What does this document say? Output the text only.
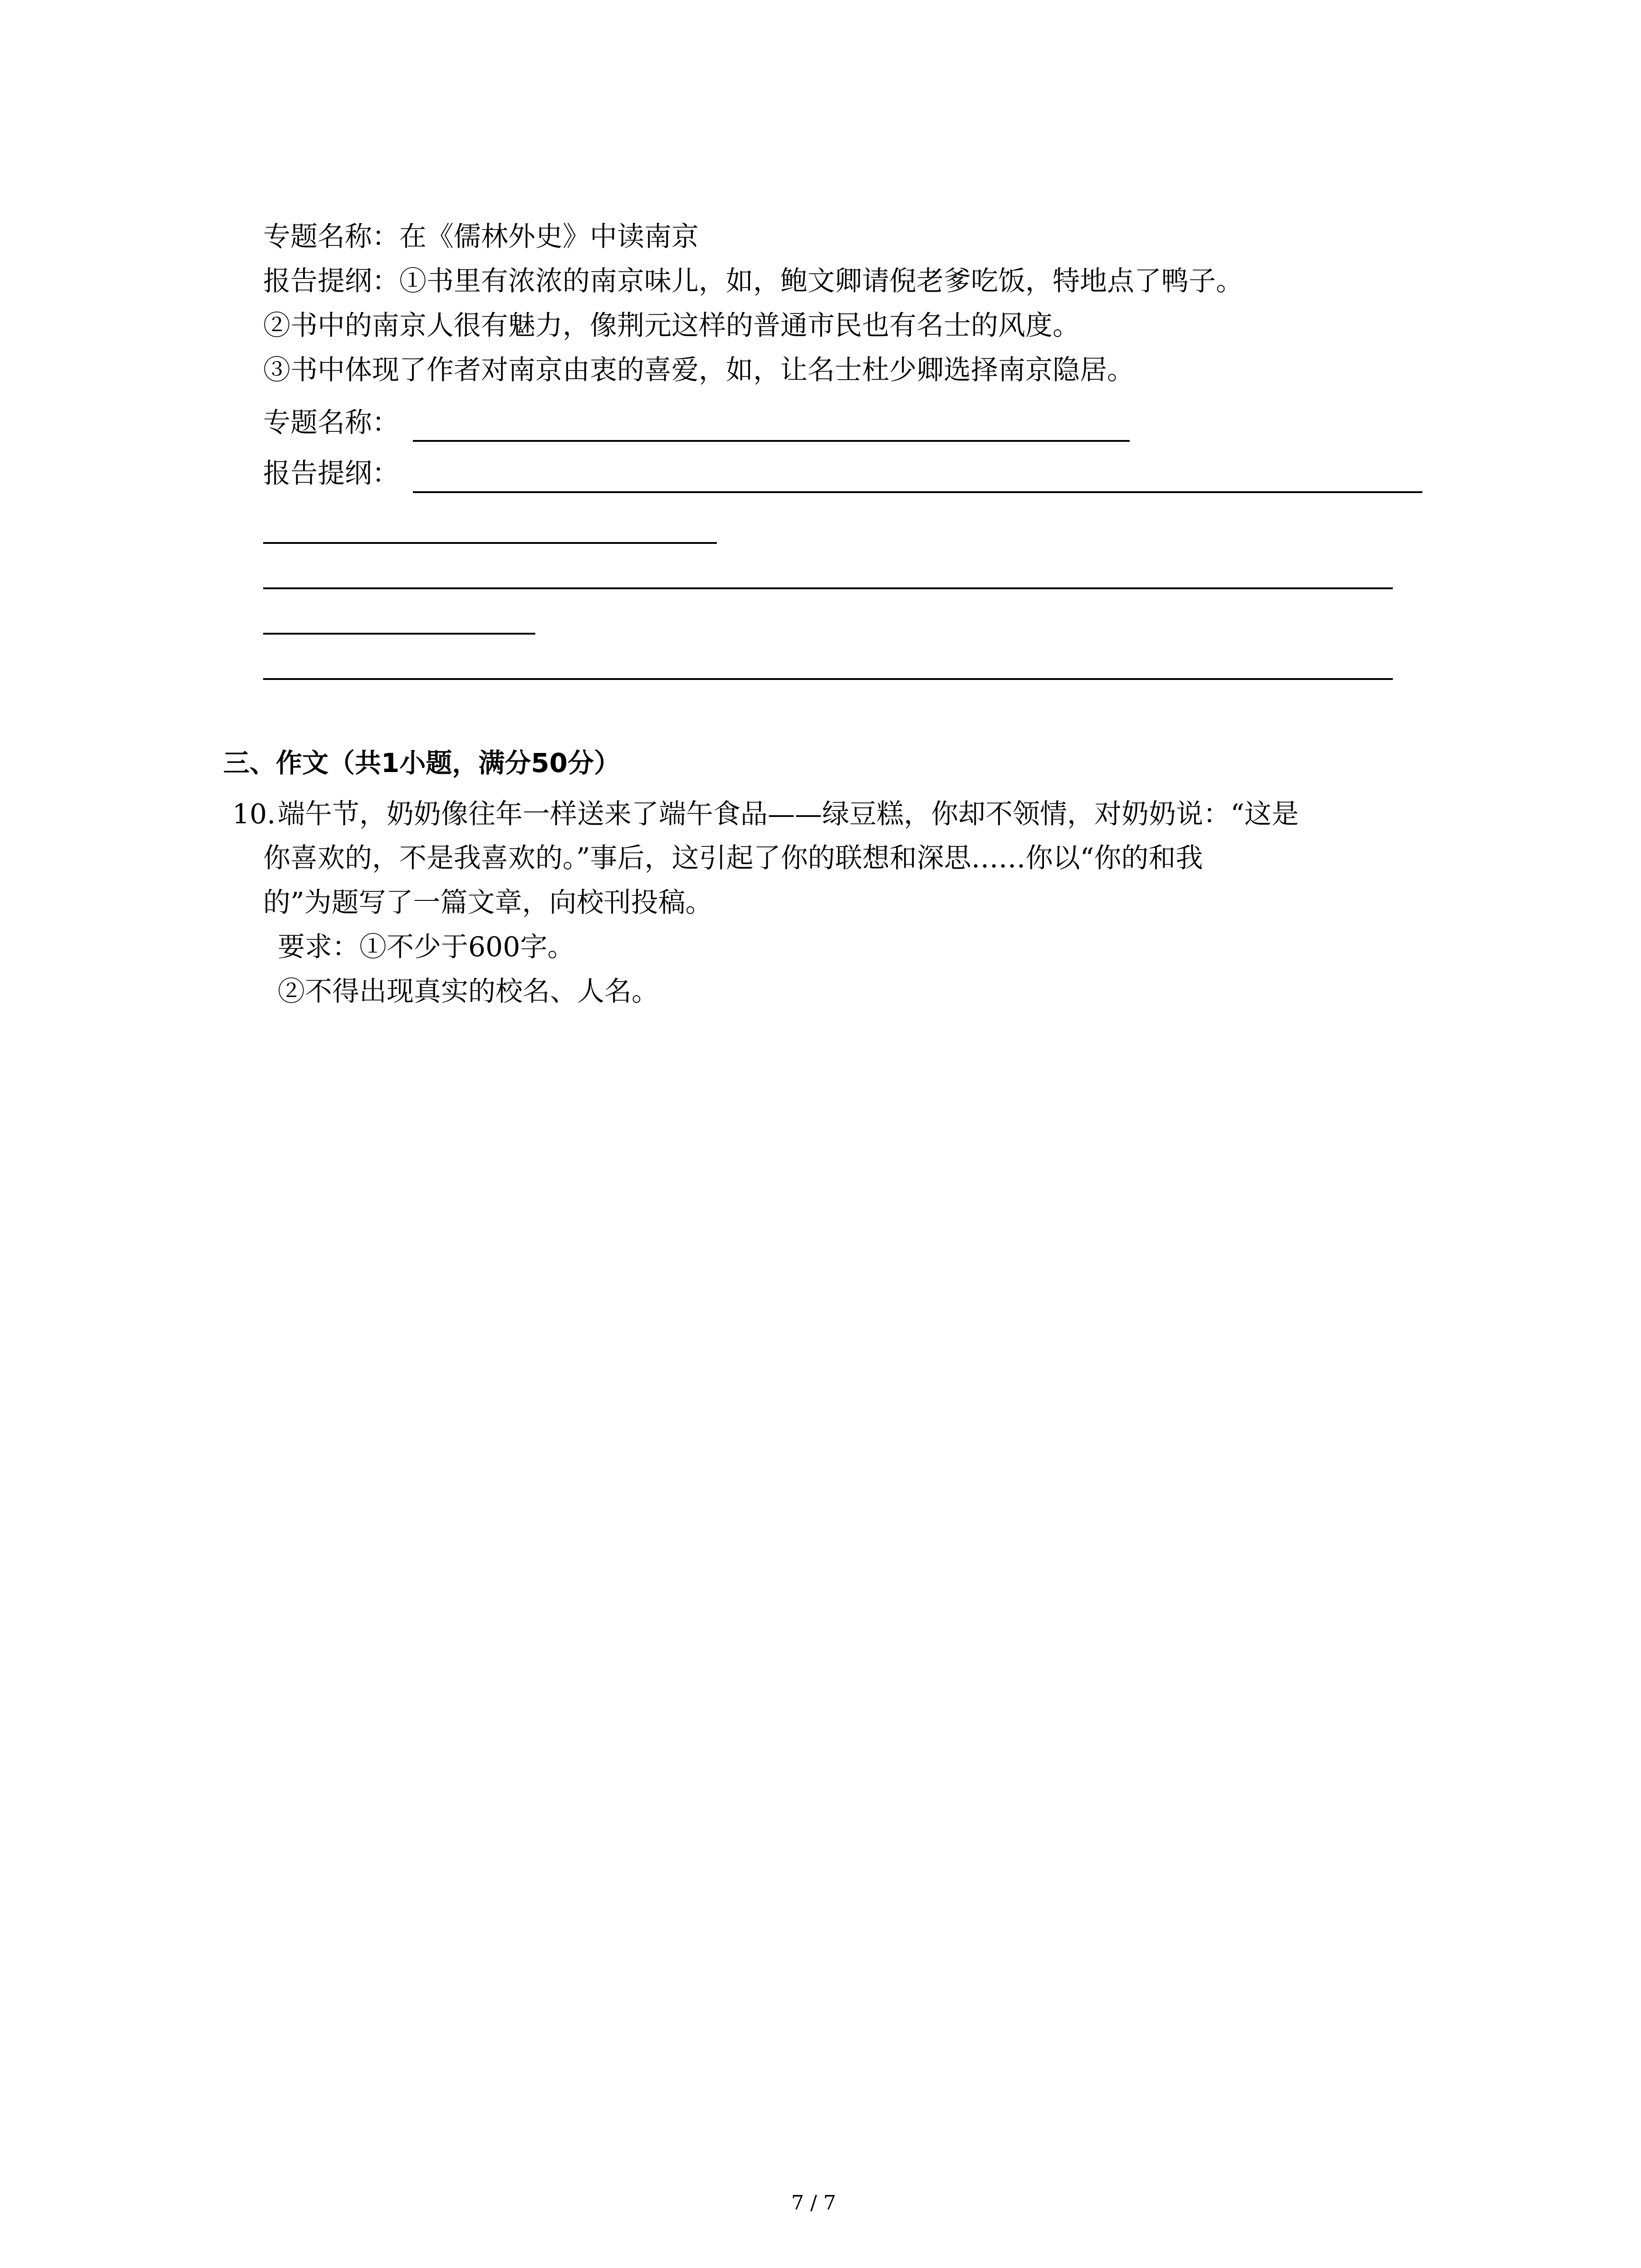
专题名称：在《儒林外史》中读南京
报告提纲：①书里有浓浓的南京味儿，如，鲍文卿请倪老爹吃饭，特地点了鸭子。
②书中的南京人很有魅力，像荆元这样的普通市民也有名士的风度。
③书中体现了作者对南京由衷的喜爱，如，让名士杜少卿选择南京隐居。
专题名称：
报告提纲：
三、作文（共1小题，满分50分）
10. 端午节，奶奶像往年一样送来了端午食品——绿豆糕，你却不领情，对奶奶说：“这是
你喜欢的，不是我喜欢的。”事后，这引起了你的联想和深思……你以“你的和我
的”为题写了一篇文章，向校刊投稿。
要求：①不少于600字。
②不得出现真实的校名、人名。
7 / 7
